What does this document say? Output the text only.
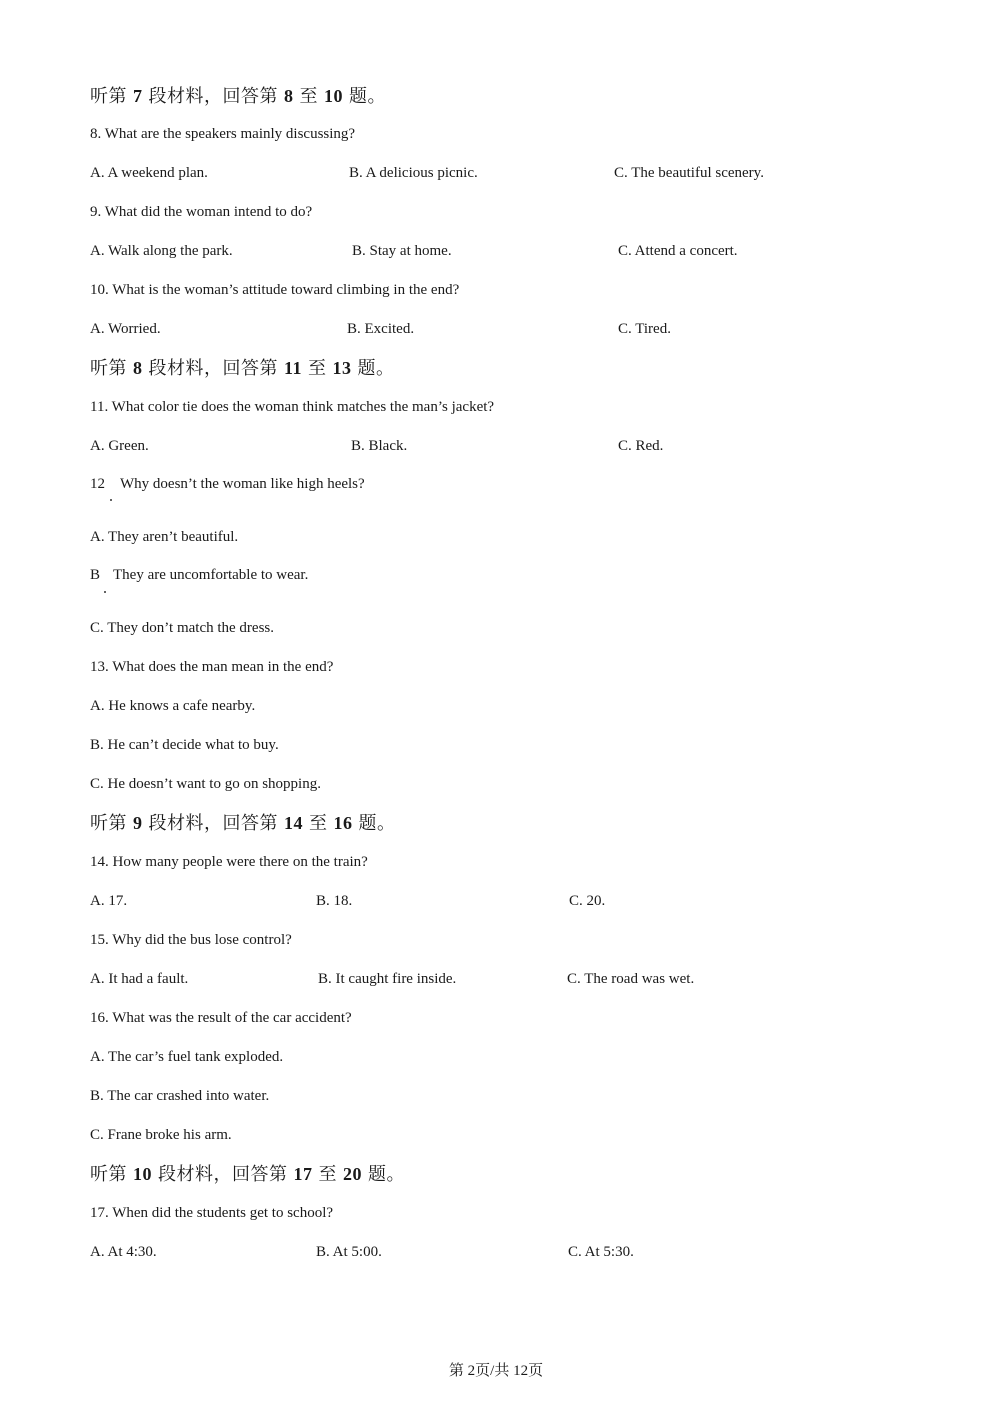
听第 7 段材料，回答第 8 至 10 题。
8. What are the speakers mainly discussing?
A. A weekend plan.	B. A delicious picnic.	C. The beautiful scenery.
9. What did the woman intend to do?
A. Walk along the park.	B. Stay at home.	C. Attend a concert.
10. What is the woman’s attitude toward climbing in the end?
A. Worried.	B. Excited.	C. Tired.
听第 8 段材料，回答第 11 至 13 题。
11. What color tie does the woman think matches the man’s jacket?
A. Green.	B. Black.	C. Red.
12 Why doesn’t the woman like high heels?
A. They aren’t beautiful.
B They are uncomfortable to wear.
C. They don’t match the dress.
13. What does the man mean in the end?
A. He knows a cafe nearby.
B. He can’t decide what to buy.
C. He doesn’t want to go on shopping.
听第 9 段材料，回答第 14 至 16 题。
14. How many people were there on the train?
A. 17.	B. 18.	C. 20.
15. Why did the bus lose control?
A. It had a fault.	B. It caught fire inside.	C. The road was wet.
16. What was the result of the car accident?
A. The car’s fuel tank exploded.
B. The car crashed into water.
C. Frane broke his arm.
听第 10 段材料，回答第 17 至 20 题。
17. When did the students get to school?
A. At 4:30.	B. At 5:00.	C. At 5:30.
第 2页/共 12页
